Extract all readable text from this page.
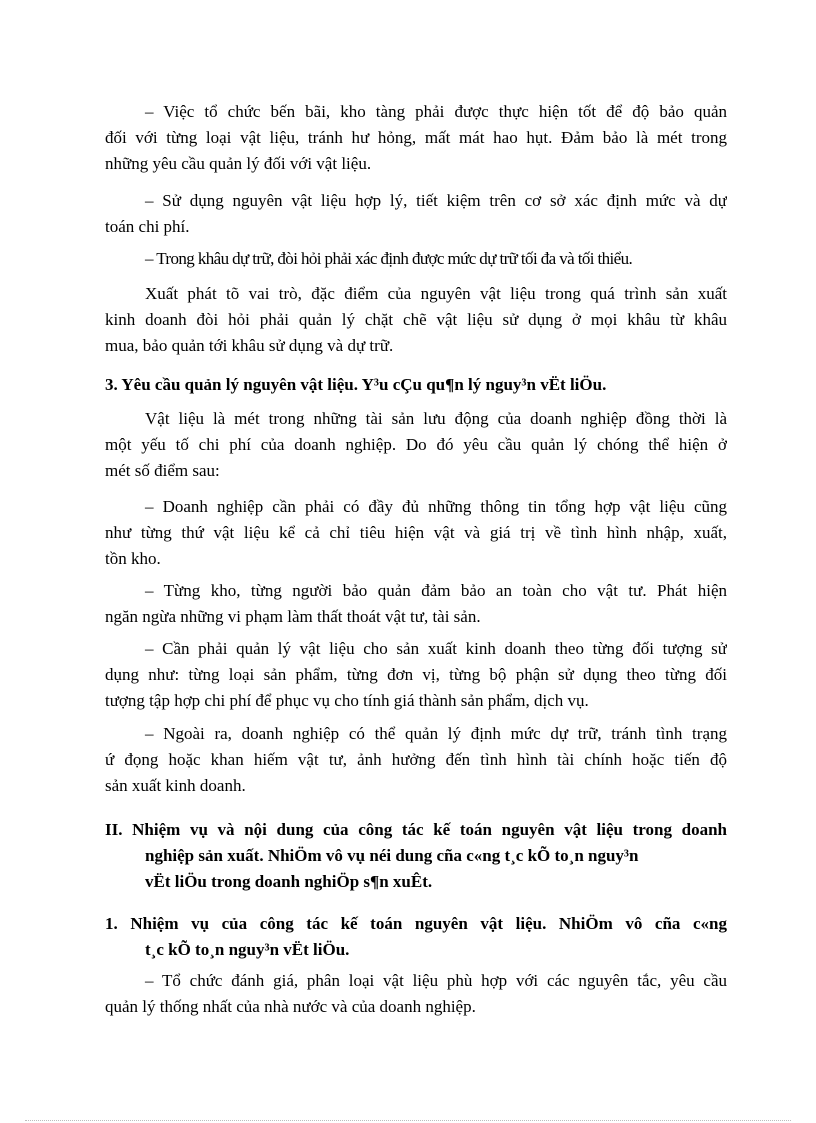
– Việc tổ chức bến bãi, kho tàng phải được thực hiện tốt để độ bảo quản
đối với từng loại vật liệu, tránh hư hỏng, mất mát hao hụt. Đảm bảo là mét trong
những yêu cầu quản lý đối với vật liệu.
– Sử dụng nguyên vật liệu hợp lý, tiết kiệm trên cơ sở xác định mức và dự
toán chi phí.
– Trong khâu dự trữ, đòi hỏi phải xác định được mức dự trữ tối đa và tối thiểu.
Xuất phát tõ vai trò, đặc điểm của nguyên vật liệu trong quá trình sản xuất
kinh doanh đòi hỏi phải quản lý chặt chẽ vật liệu sử dụng ở mọi khâu từ khâu
mua, bảo quản tới khâu sử dụng và dự trữ.
3. Yêu cầu quản lý nguyên vật liệu. Y³u cÇu qu¶n lý nguy³n vËt liÖu.
Vật liệu là mét trong những tài sản lưu động của doanh nghiệp đồng thời là
một yếu tố chi phí của doanh nghiệp. Do đó yêu cầu quản lý chóng thể hiện ở
mét số điểm sau:
– Doanh nghiệp cần phải có đầy đủ những thông tin tổng hợp vật liệu cũng
như từng thứ vật liệu kể cả chỉ tiêu hiện vật và giá trị về tình hình nhập, xuất,
tồn kho.
– Từng kho, từng người bảo quản đảm bảo an toàn cho vật tư. Phát hiện
ngăn ngừa những vi phạm làm thất thoát vật tư, tài sản.
– Cần phải quản lý vật liệu cho sản xuất kinh doanh theo từng đối tượng sử
dụng như: từng loại sản phẩm, từng đơn vị, từng bộ phận sử dụng theo từng đối
tượng tập hợp chi phí để phục vụ cho tính giá thành sản phẩm, dịch vụ.
– Ngoài ra, doanh nghiệp có thể quản lý định mức dự trữ, tránh tình trạng
ứ đọng hoặc khan hiếm vật tư, ảnh hưởng đến tình hình tài chính hoặc tiến độ
sản xuất kinh doanh.
II. Nhiệm vụ và nội dung của công tác kế toán nguyên vật liệu trong doanh
nghiệp sản xuất. NhiÖm vô vụ néi dung cña c«ng t¸c kÕ to¸n nguy³n
vËt liÖu trong doanh nghiÖp s¶n xuÊt.
1. Nhiệm vụ của công tác kế toán nguyên vật liệu. NhiÖm vô cña c«ng
t¸c kÕ to¸n nguy³n vËt liÖu.
– Tổ chức đánh giá, phân loại vật liệu phù hợp với các nguyên tắc, yêu cầu
quản lý thống nhất của nhà nước và của doanh nghiệp.
